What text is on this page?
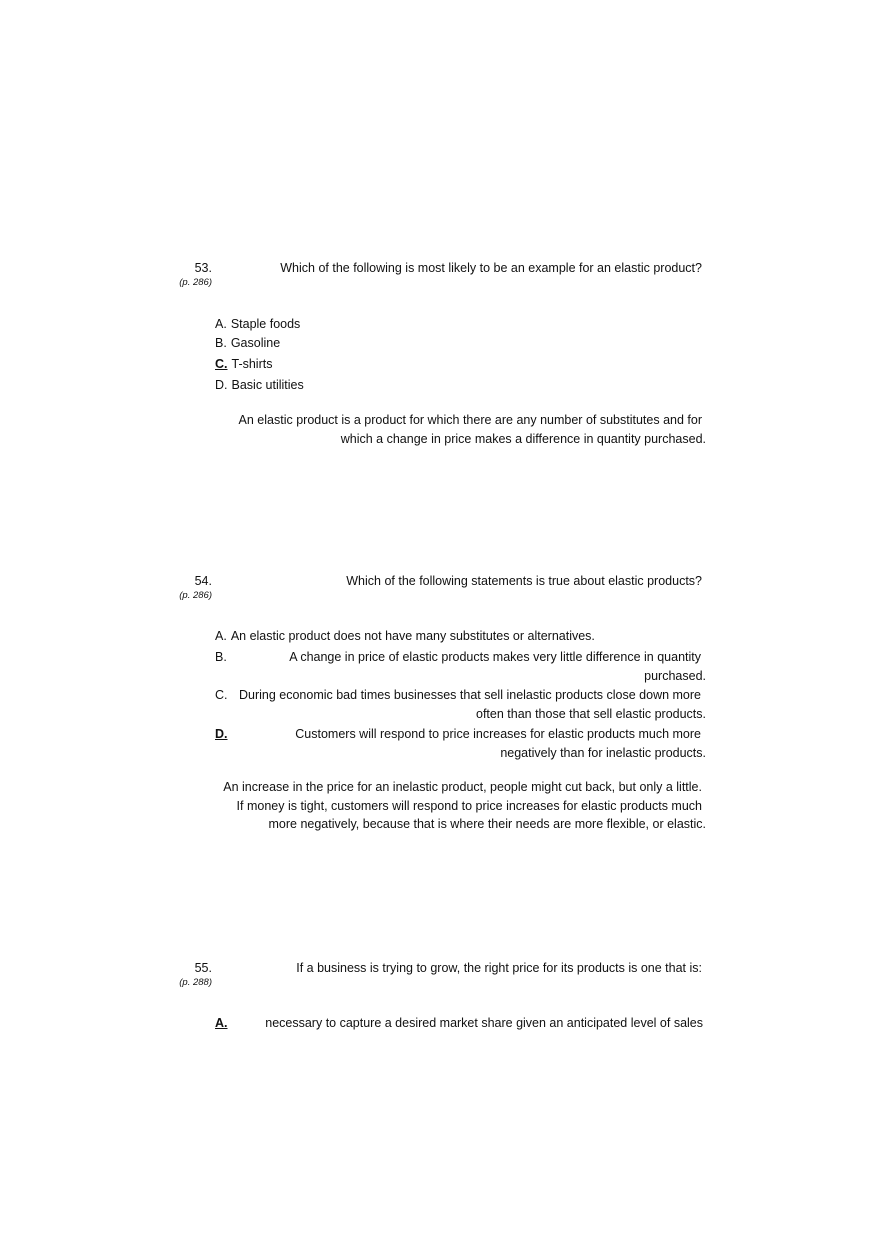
53.
(p. 286)
Which of the following is most likely to be an example for an elastic product?
A. Staple foods
B. Gasoline
C. T-shirts
D. Basic utilities
An elastic product is a product for which there are any number of substitutes and for
which a change in price makes a difference in quantity purchased.
54.
(p. 286)
Which of the following statements is true about elastic products?
A. An elastic product does not have many substitutes or alternatives.
B.	A change in price of elastic products makes very little difference in quantity
purchased.
C. During economic bad times businesses that sell inelastic products close down more
often than those that sell elastic products.
D.	Customers will respond to price increases for elastic products much more
negatively than for inelastic products.
An increase in the price for an inelastic product, people might cut back, but only a little.
If money is tight, customers will respond to price increases for elastic products much
more negatively, because that is where their needs are more flexible, or elastic.
55.
(p. 288)
If a business is trying to grow, the right price for its products is one that is:
A.	necessary to capture a desired market share given an anticipated level of sales
